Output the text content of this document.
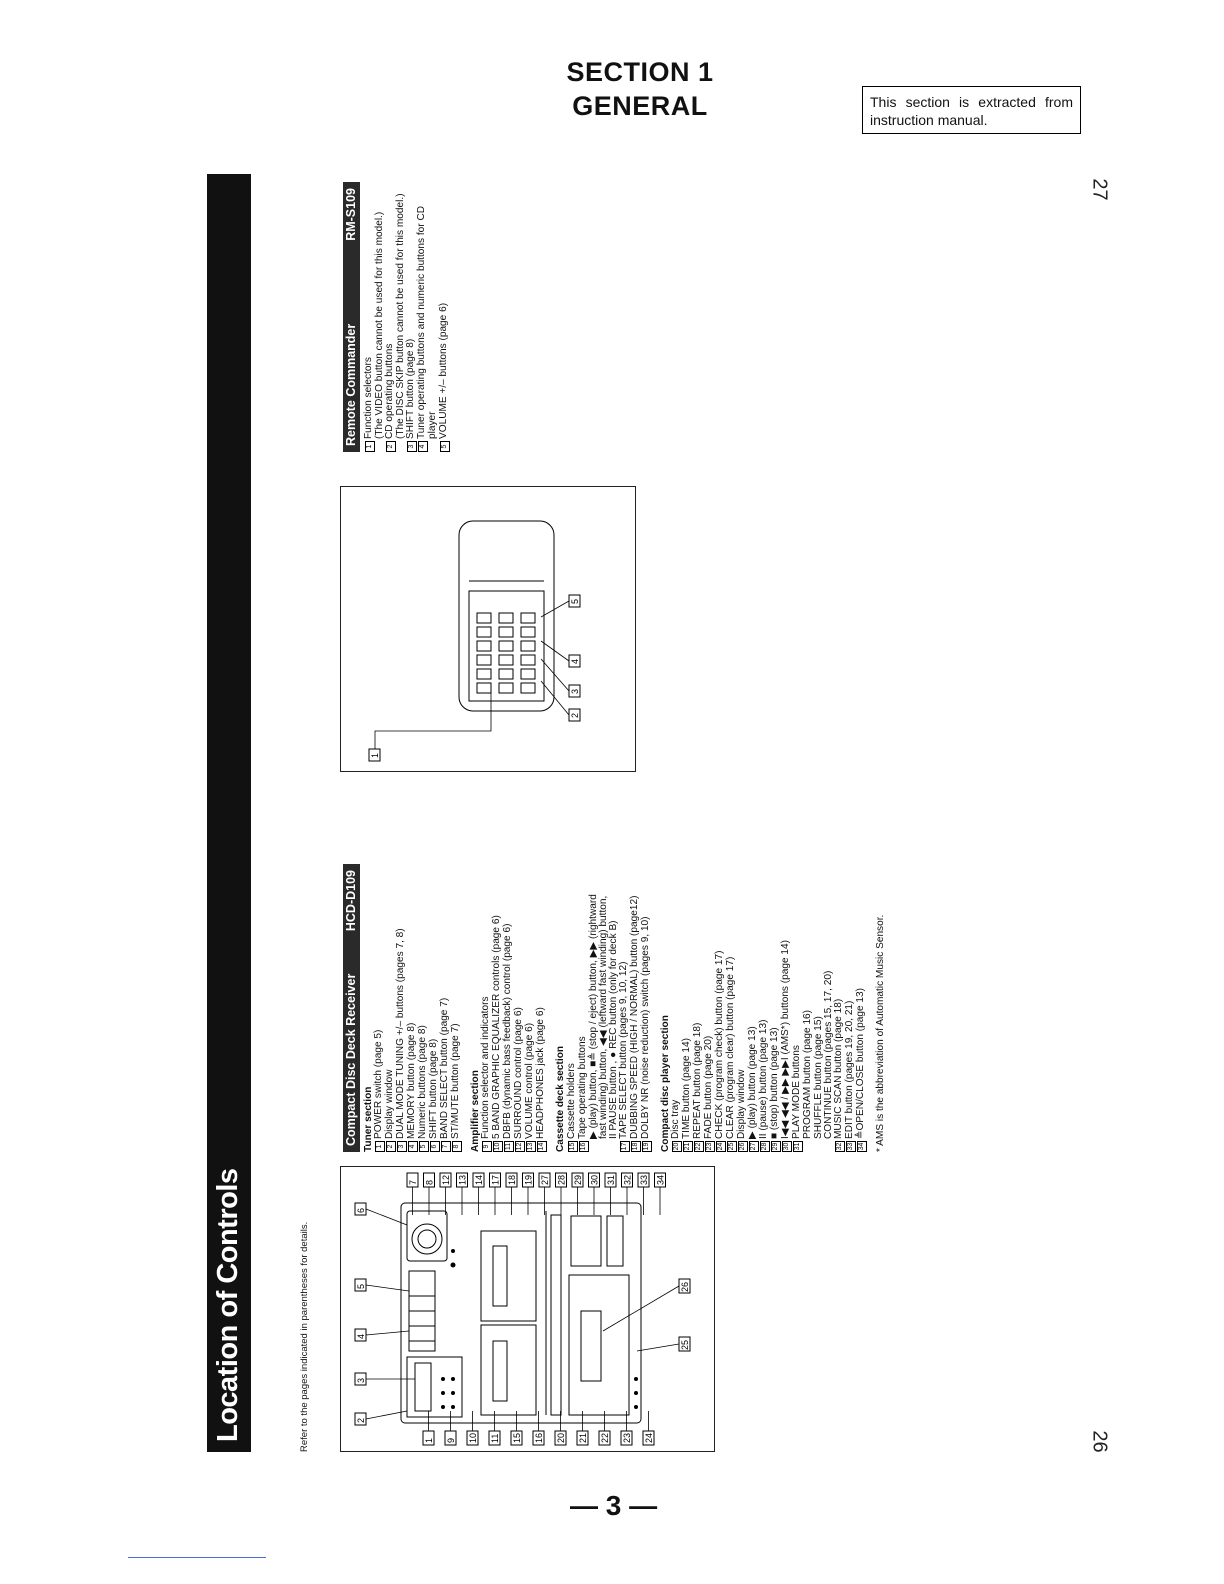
SECTION 1
GENERAL	This section is extracted from instruction manual.
27
26
— 3 —
Location of Controls	Refer to the pages indicated in parentheses for details.	2
3
4
5
6
1 9 10 11 15 16 20 21 22 23 24
7 8 12 13 14 17 18 19 27 28 29 30 31 32 33 34
25
26
1
2
3
4
5
Compact Disc Deck Receiver
HCD-D109
Tuner section 1POWER switch (page 5)
2Display window
3DUAL MODE TUNING +/– buttons (pages 7, 8)
4MEMORY button (page 8)
5Numeric buttons (page 8)
6SHIFT button (page 8)
7BAND SELECT button (page 7)
8ST/MUTE button (page 7) Amplifier section 9Function selector and indicators
105 BAND GRAPHIC EQUALIZER controls (page 6)
11DBFB (dynamic bass feedback) control (page 6)
12SURROUND control (page 6)
13VOLUME control (page 6)
14HEADPHONES jack (page 6) Cassette deck section 15Cassette holders
16Tape operating buttons ▶ (play) button, ■≜ (stop / eject) button, ▶▶ (rightward fast winding) button, ◀◀ (leftward fast winding) button, II PAUSE button , ● REC button (only for deck B)
17TAPE SELECT button (pages 9, 10, 12)
18DUBBING SPEED (HIGH / NORMAL) button (page12)
19DOLBY NR (noise reduction) switch (pages 9, 10) Compact disc player section 20Disc tray
21TIME button (page 14)
22REPEAT button (page 18)
23FADE button (page 20)
24CHECK (program check) button (page 17)
25CLEAR (program clear) button (page 17)
26Display window
27▶ (play) button (page 13)
28II (pause) button (page 13)
29■ (stop) button (page 13)
30I◀◀ ◀◀ / ▶▶ ▶▶I (AMS*) buttons (page 14)
31PLAY MODE buttons PROGRAM button (page 16) SHUFFLE button (page 15) CONTINUE button (pages 15, 17, 20)
32MUSIC SCAN button (page 18)
33EDIT button (pages 19, 20, 21)
34≜OPEN/CLOSE button (page 13) * AMS is the abbreviation of Automatic Music Sensor.
Remote Commander
RM-S109
1Function selectors (The VIDEO button cannot be used for this model.)
2CD operating buttons (The DISC SKIP button cannot be used for this model.)
3SHIFT button (page 8)
4Tuner operating buttons and numeric buttons for CD player
5VOLUME +/– buttons (page 6)
